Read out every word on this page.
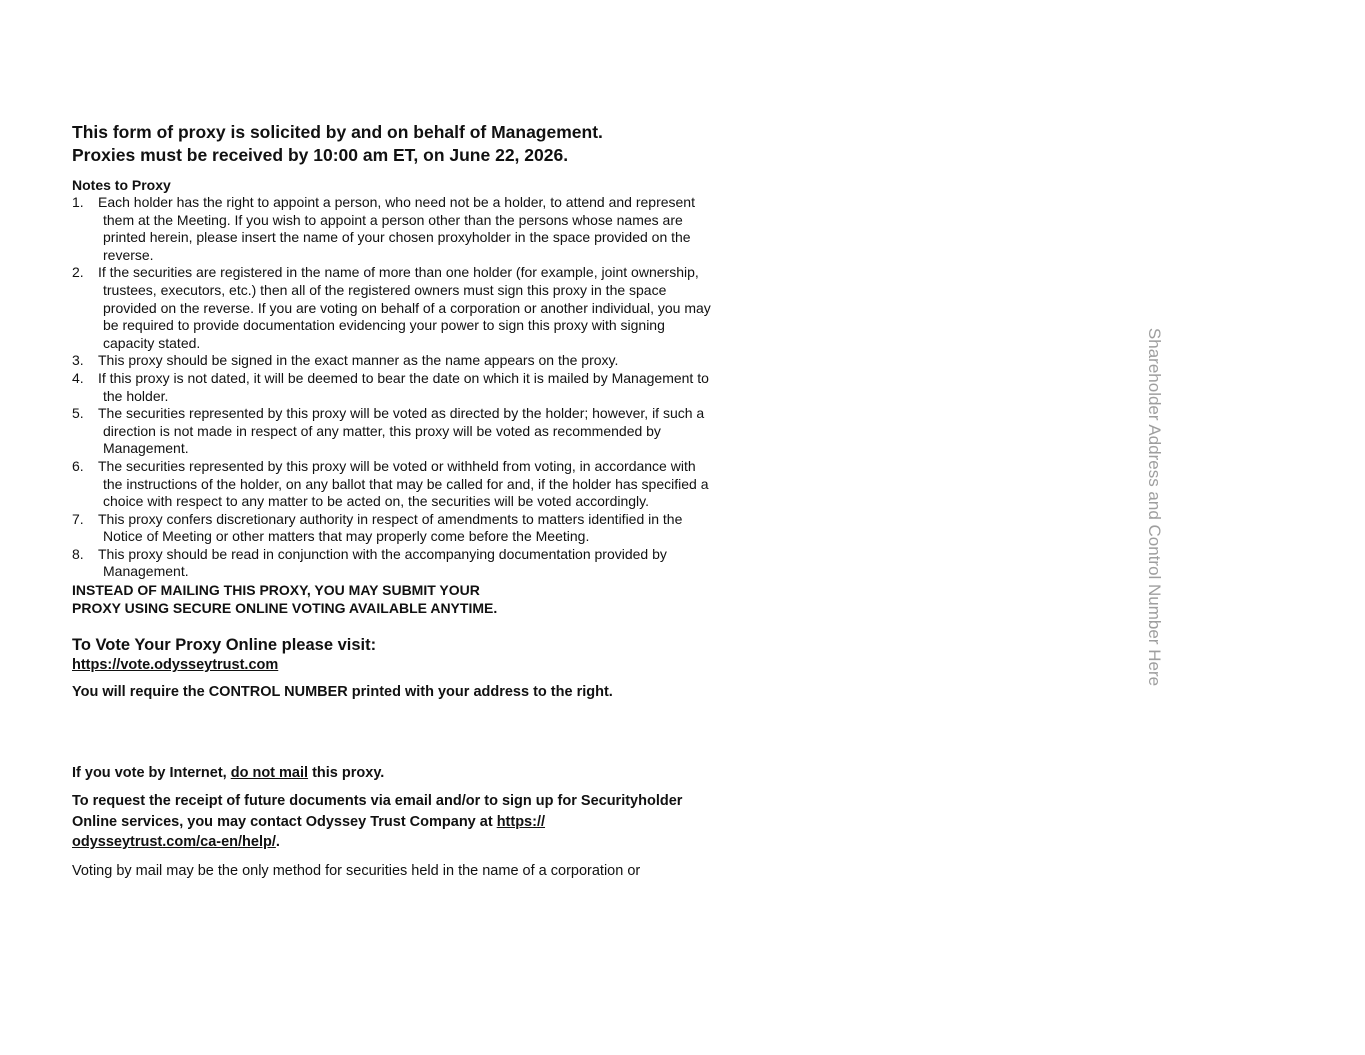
This form of proxy is solicited by and on behalf of Management.
Proxies must be received by 10:00 am ET, on June 22, 2026.

Notes to Proxy
1. Each holder has the right to appoint a person, who need not be a holder, to attend and represent them at the Meeting. If you wish to appoint a person other than the persons whose names are printed herein, please insert the name of your chosen proxyholder in the space provided on the reverse.
2. If the securities are registered in the name of more than one holder (for example, joint ownership, trustees, executors, etc.) then all of the registered owners must sign this proxy in the space provided on the reverse. If you are voting on behalf of a corporation or another individual, you may be required to provide documentation evidencing your power to sign this proxy with signing capacity stated.
3. This proxy should be signed in the exact manner as the name appears on the proxy.
4. If this proxy is not dated, it will be deemed to bear the date on which it is mailed by Management to the holder.
5. The securities represented by this proxy will be voted as directed by the holder; however, if such a direction is not made in respect of any matter, this proxy will be voted as recommended by Management.
6. The securities represented by this proxy will be voted or withheld from voting, in accordance with the instructions of the holder, on any ballot that may be called for and, if the holder has specified a choice with respect to any matter to be acted on, the securities will be voted accordingly.
7. This proxy confers discretionary authority in respect of amendments to matters identified in the Notice of Meeting or other matters that may properly come before the Meeting.
8. This proxy should be read in conjunction with the accompanying documentation provided by Management.
INSTEAD OF MAILING THIS PROXY, YOU MAY SUBMIT YOUR
PROXY USING SECURE ONLINE VOTING AVAILABLE ANYTIME.
To Vote Your Proxy Online please visit:
https://vote.odysseytrust.com
You will require the CONTROL NUMBER printed with your address to the right.
If you vote by Internet, do not mail this proxy.
To request the receipt of future documents via email and/or to sign up for Securityholder Online services, you may contact Odyssey Trust Company at https://
odysseytrust.com/ca-en/help/.
Voting by mail may be the only method for securities held in the name of a corporation or
Shareholder Address and Control Number Here
